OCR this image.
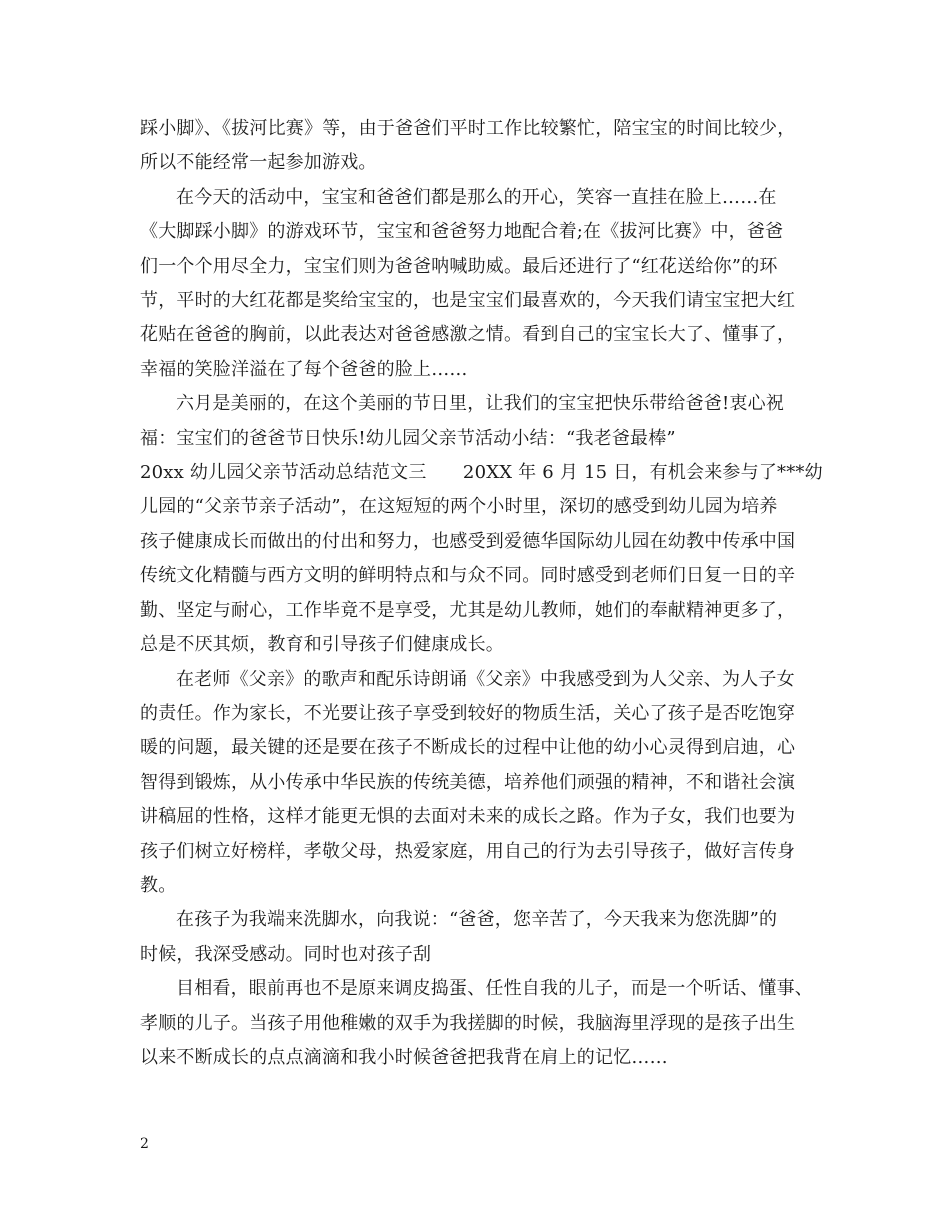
踩小脚》、《拔河比赛》等，由于爸爸们平时工作比较繁忙，陪宝宝的时间比较少，

所以不能经常一起参加游戏。

在今天的活动中，宝宝和爸爸们都是那么的开心，笑容一直挂在脸上……在

《大脚踩小脚》的游戏环节，宝宝和爸爸努力地配合着;在《拔河比赛》中，爸爸

们一个个用尽全力，宝宝们则为爸爸呐喊助威。最后还进行了“红花送给你”的环

节，平时的大红花都是奖给宝宝的，也是宝宝们最喜欢的，今天我们请宝宝把大红

花贴在爸爸的胸前，以此表达对爸爸感激之情。看到自己的宝宝长大了、懂事了，

幸福的笑脸洋溢在了每个爸爸的脸上……

六月是美丽的，在这个美丽的节日里，让我们的宝宝把快乐带给爸爸!衷心祝

福：宝宝们的爸爸节日快乐!幼儿园父亲节活动小结：“我老爸最棒”

20xx 幼儿园父亲节活动总结范文三　　20XX 年 6 月 15 日，有机会来参与了***幼

儿园的“父亲节亲子活动”，在这短短的两个小时里，深切的感受到幼儿园为培养

孩子健康成长而做出的付出和努力，也感受到爱德华国际幼儿园在幼教中传承中国

传统文化精髓与西方文明的鲜明特点和与众不同。同时感受到老师们日复一日的辛

勤、坚定与耐心，工作毕竟不是享受，尤其是幼儿教师，她们的奉献精神更多了，

总是不厌其烦，教育和引导孩子们健康成长。

在老师《父亲》的歌声和配乐诗朗诵《父亲》中我感受到为人父亲、为人子女

的责任。作为家长，不光要让孩子享受到较好的物质生活，关心了孩子是否吃饱穿

暖的问题，最关键的还是要在孩子不断成长的过程中让他的幼小心灵得到启迪，心

智得到锻炼，从小传承中华民族的传统美德，培养他们顽强的精神，不和谐社会演

讲稿屈的性格，这样才能更无惧的去面对未来的成长之路。作为子女，我们也要为

孩子们树立好榜样，孝敬父母，热爱家庭，用自己的行为去引导孩子，做好言传身

教。

在孩子为我端来洗脚水，向我说：“爸爸，您辛苦了，今天我来为您洗脚”的

时候，我深受感动。同时也对孩子刮

目相看，眼前再也不是原来调皮捣蛋、任性自我的儿子，而是一个听话、懂事、

孝顺的儿子。当孩子用他稚嫩的双手为我搓脚的时候，我脑海里浮现的是孩子出生

以来不断成长的点点滴滴和我小时候爸爸把我背在肩上的记忆……

2
